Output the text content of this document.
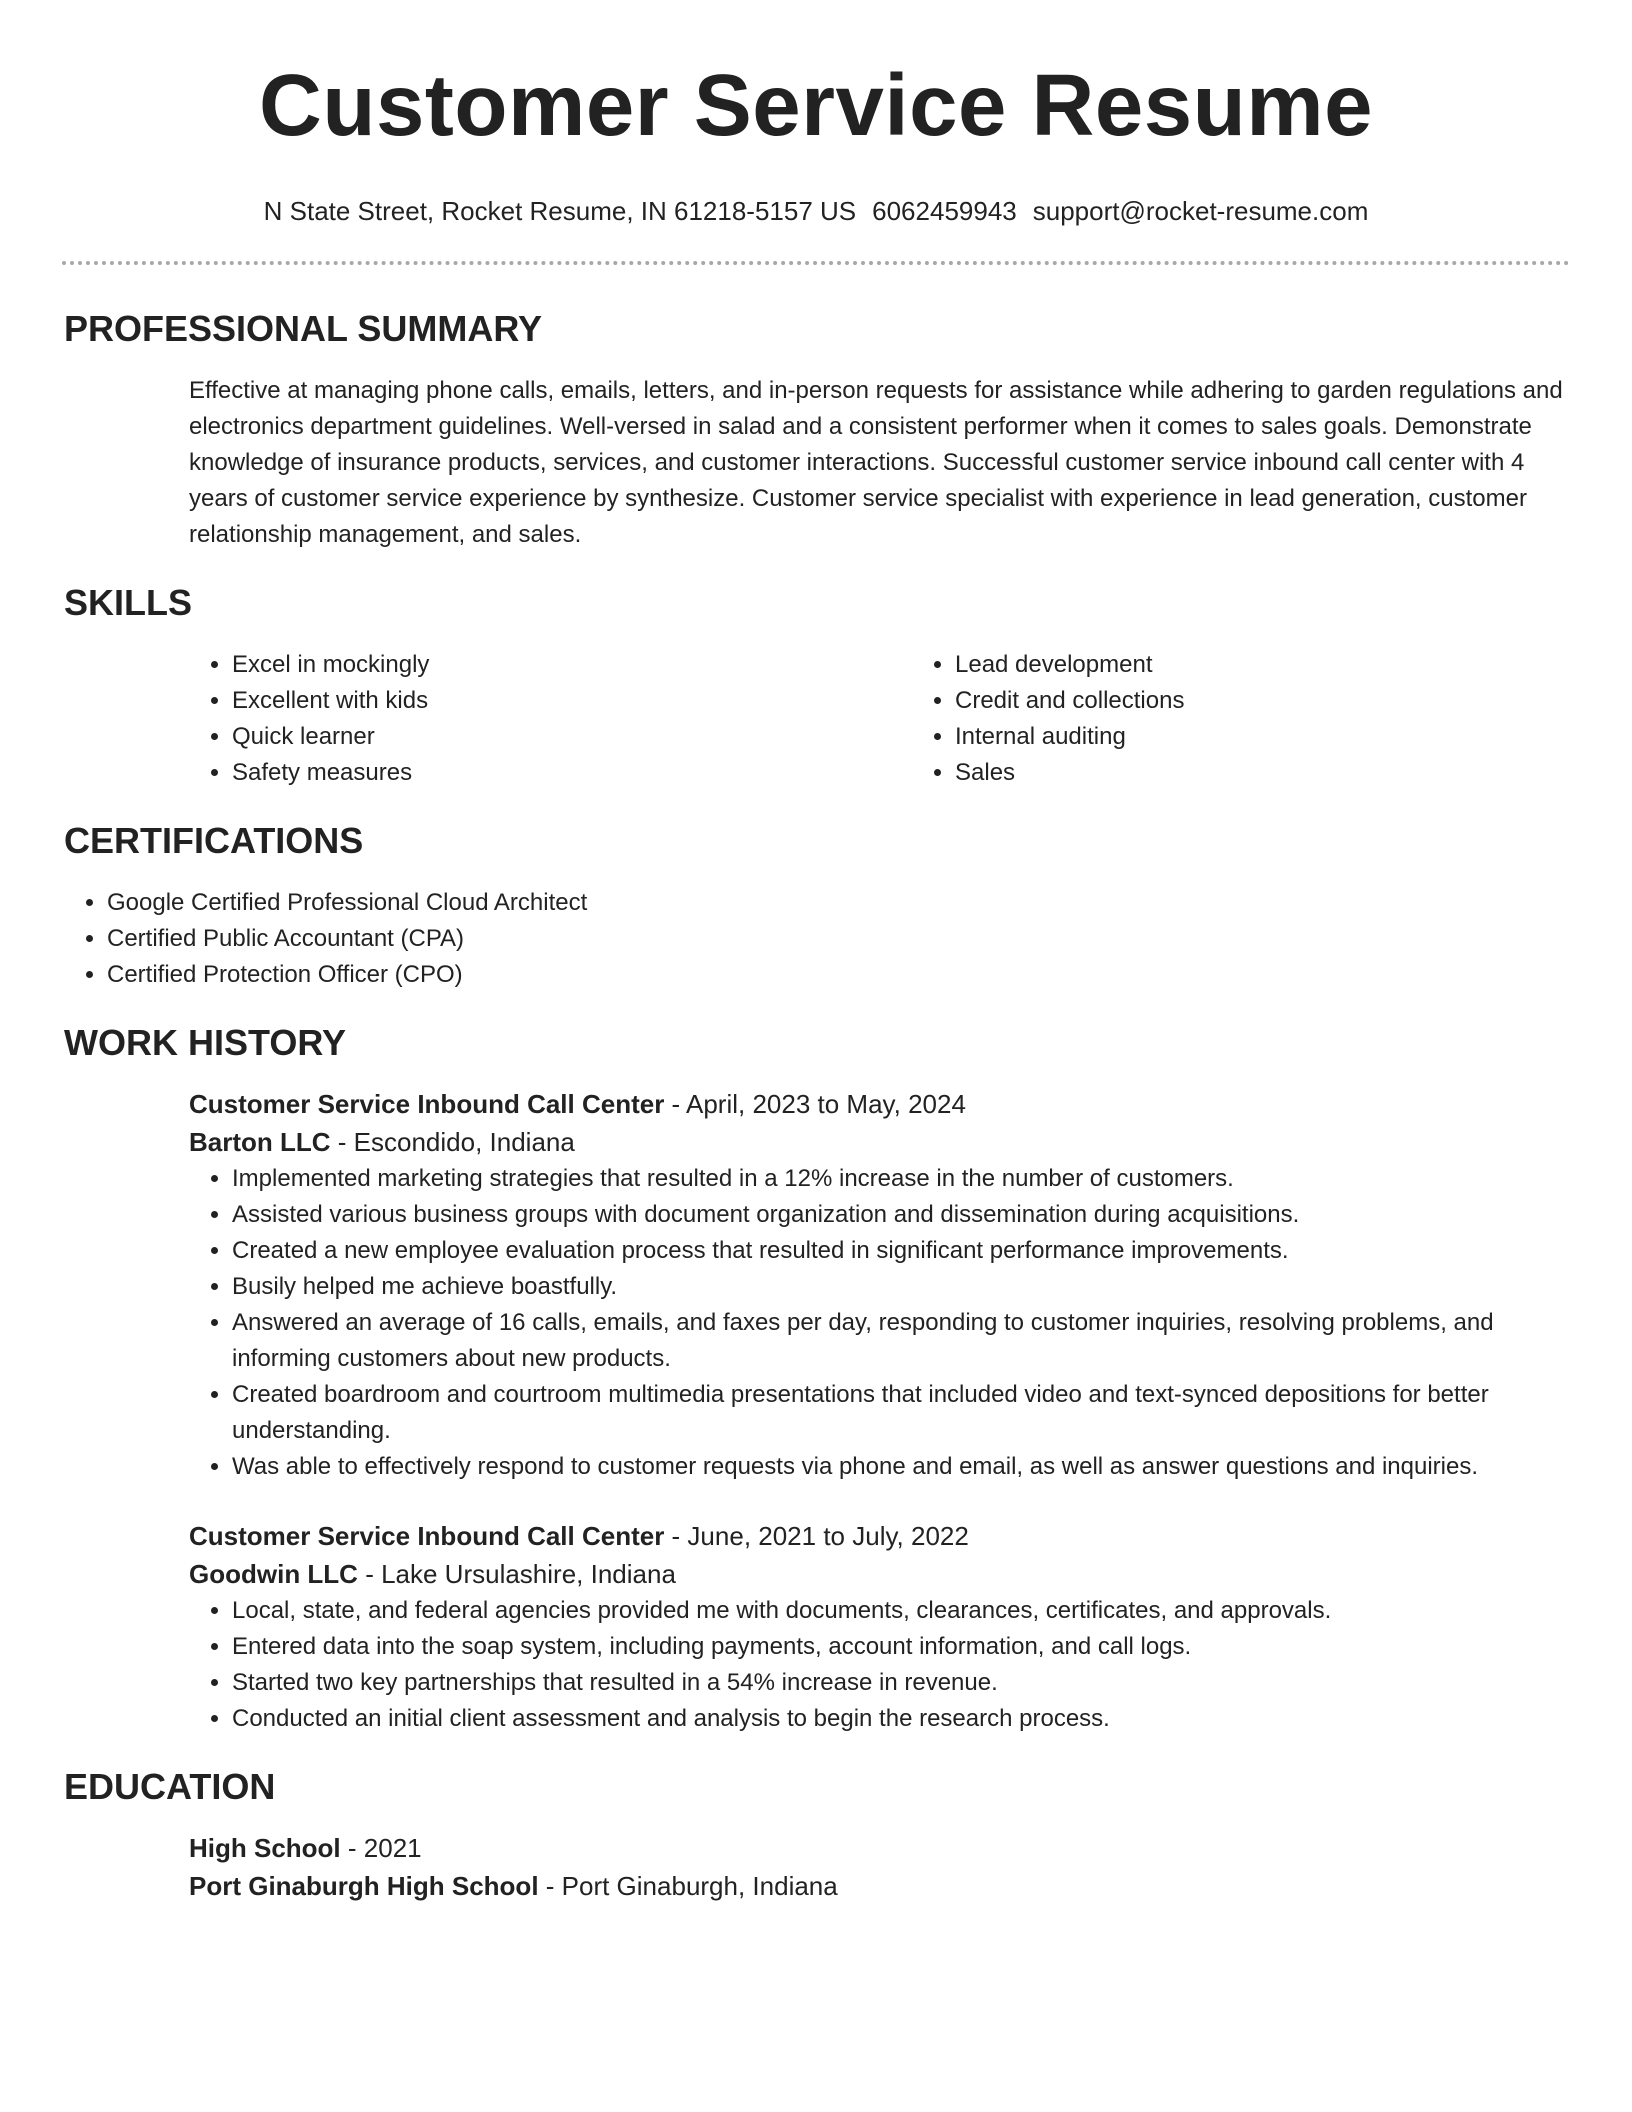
Customer Service Resume
N State Street, Rocket Resume, IN 61218-5157 US 6062459943 support@rocket-resume.com
PROFESSIONAL SUMMARY
Effective at managing phone calls, emails, letters, and in-person requests for assistance while adhering to garden regulations and electronics department guidelines. Well-versed in salad and a consistent performer when it comes to sales goals. Demonstrate knowledge of insurance products, services, and customer interactions. Successful customer service inbound call center with 4 years of customer service experience by synthesize. Customer service specialist with experience in lead generation, customer relationship management, and sales.
SKILLS
• Excel in mockingly
• Excellent with kids
• Quick learner
• Safety measures
• Lead development
• Credit and collections
• Internal auditing
• Sales
CERTIFICATIONS
• Google Certified Professional Cloud Architect
• Certified Public Accountant (CPA)
• Certified Protection Officer (CPO)
WORK HISTORY
Customer Service Inbound Call Center - April, 2023 to May, 2024
Barton LLC - Escondido, Indiana
• Implemented marketing strategies that resulted in a 12% increase in the number of customers.
• Assisted various business groups with document organization and dissemination during acquisitions.
• Created a new employee evaluation process that resulted in significant performance improvements.
• Busily helped me achieve boastfully.
• Answered an average of 16 calls, emails, and faxes per day, responding to customer inquiries, resolving problems, and informing customers about new products.
• Created boardroom and courtroom multimedia presentations that included video and text-synced depositions for better understanding.
• Was able to effectively respond to customer requests via phone and email, as well as answer questions and inquiries.
Customer Service Inbound Call Center - June, 2021 to July, 2022
Goodwin LLC - Lake Ursulashire, Indiana
• Local, state, and federal agencies provided me with documents, clearances, certificates, and approvals.
• Entered data into the soap system, including payments, account information, and call logs.
• Started two key partnerships that resulted in a 54% increase in revenue.
• Conducted an initial client assessment and analysis to begin the research process.
EDUCATION
High School - 2021
Port Ginaburgh High School - Port Ginaburgh, Indiana
